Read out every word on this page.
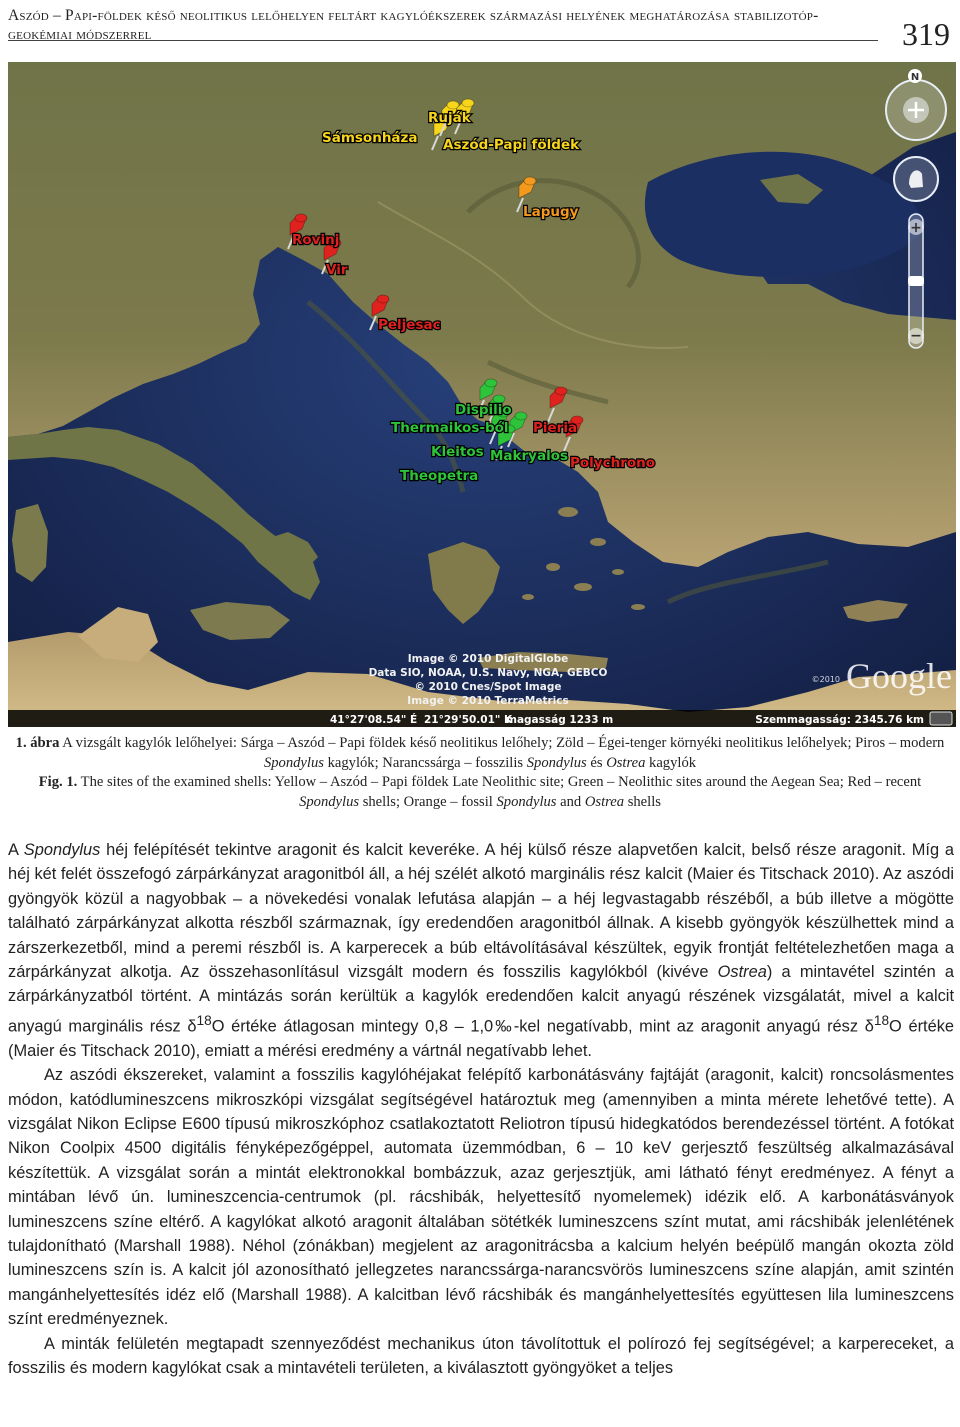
Aszód – Papi-földek késő neolitikus lelőhelyen feltárt kagylóékszerek származási helyének meghatározása stabilizotóp-geokémiai módszerrel	319
N
+
−
Sámsonháza
Ruják
Aszód-Papi földek
Lapugy
Rovinj
Vir
Peljesac
Dispilio
Thermaikos-ból Pieria
Kleitos Makryalos Polychrono
Theopetra
Image © 2010 DigitalGlobe
Data SIO, NOAA, U.S. Navy, NGA, GEBCO
© 2010 Cnes/Spot Image
Image © 2010 TerraMetrics
Google
©2010
41°27'08.54" É 21°29'50.01" K
magasság 1233 m	Szemmagasság: 2345.76 km

1. ábra A vizsgált kagylók lelőhelyei: Sárga – Aszód – Papi földek késő neolitikus lelőhely; Zöld – Égei-tenger környéki neolitikus lelőhelyek; Piros – modern Spondylus kagylók; Narancssárga – fosszilis Spondylus és Ostrea kagylók

Fig. 1. The sites of the examined shells: Yellow – Aszód – Papi földek Late Neolithic site; Green – Neolithic sites around the Aegean Sea; Red – recent Spondylus shells; Orange – fossil Spondylus and Ostrea shells

A Spondylus héj felépítését tekintve aragonit és kalcit keveréke. A héj külső része alapvetően kalcit, belső része aragonit. Míg a héj két felét összefogó zárpárkányzat aragonitból áll, a héj szélét alkotó marginális rész kalcit (Maier és Titschack 2010). Az aszódi gyöngyök közül a nagyobbak – a növekedési vonalak lefutása alapján – a héj legvastagabb részéből, a búb illetve a mögötte található zárpárkányzat alkotta részből származnak, így eredendően aragonitból állnak. A kisebb gyöngyök készülhettek mind a zárszerkezetből, mind a peremi részből is. A karperecek a búb eltávolításával készültek, egyik frontját feltételezhetően maga a zárpárkányzat alkotja. Az összehasonlításul vizsgált modern és fosszilis kagylókból (kivéve Ostrea) a mintavétel szintén a zárpárkányzatból történt. A mintázás során kerültük a kagylók eredendően kalcit anyagú részének vizsgálatát, mivel a kalcit anyagú marginális rész $\delta^{18}O$ értéke átlagosan mintegy 0,8 – 1,0‰-kel negatívabb, mint az aragonit anyagú rész $\delta^{18}O$ értéke (Maier és Titschack 2010), emiatt a mérési eredmény a vártnál negatívabb lehet.

Az aszódi ékszereket, valamint a fosszilis kagylóhéjakat felépítő karbonátásvány fajtáját (aragonit, kalcit) roncsolásmentes módon, katódlumineszcens mikroszkópi vizsgálat segítségével határoztuk meg (amennyiben a minta mérete lehetővé tette). A vizsgálat Nikon Eclipse E600 típusú mikroszkóphoz csatlakoztatott Reliotron típusú hidegkatódos berendezéssel történt. A fotókat Nikon Coolpix 4500 digitális fényképezőgéppel, automata üzemmódban, 6 – 10 keV gerjesztő feszültség alkalmazásával készítettük. A vizsgálat során a mintát elektronokkal bombázzuk, azaz gerjesztjük, ami látható fényt eredményez. A fényt a mintában lévő ún. lumineszcencia-centrumok (pl. rácshibák, helyettesítő nyomelemek) idézik elő. A karbonátásványok lumineszcens színe eltérő. A kagylókat alkotó aragonit általában sötétkék lumineszcens színt mutat, ami rácshibák jelenlétének tulajdonítható (Marshall 1988). Néhol (zónákban) megjelent az aragonitrácsba a kalcium helyén beépülő mangán okozta zöld lumineszcens szín is. A kalcit jól azonosítható jellegzetes narancssárga-narancsvörös lumineszcens színe alapján, amit szintén mangánhelyettesítés idéz elő (Marshall 1988). A kalcitban lévő rácshibák és mangánhelyettesítés együttesen lila lumineszcens színt eredményeznek.

A minták felületén megtapadt szennyeződést mechanikus úton távolítottuk el polírozó fej segítségével; a karpereceket, a fosszilis és modern kagylókat csak a mintavételi területen, a kiválasztott gyöngyöket a teljes
